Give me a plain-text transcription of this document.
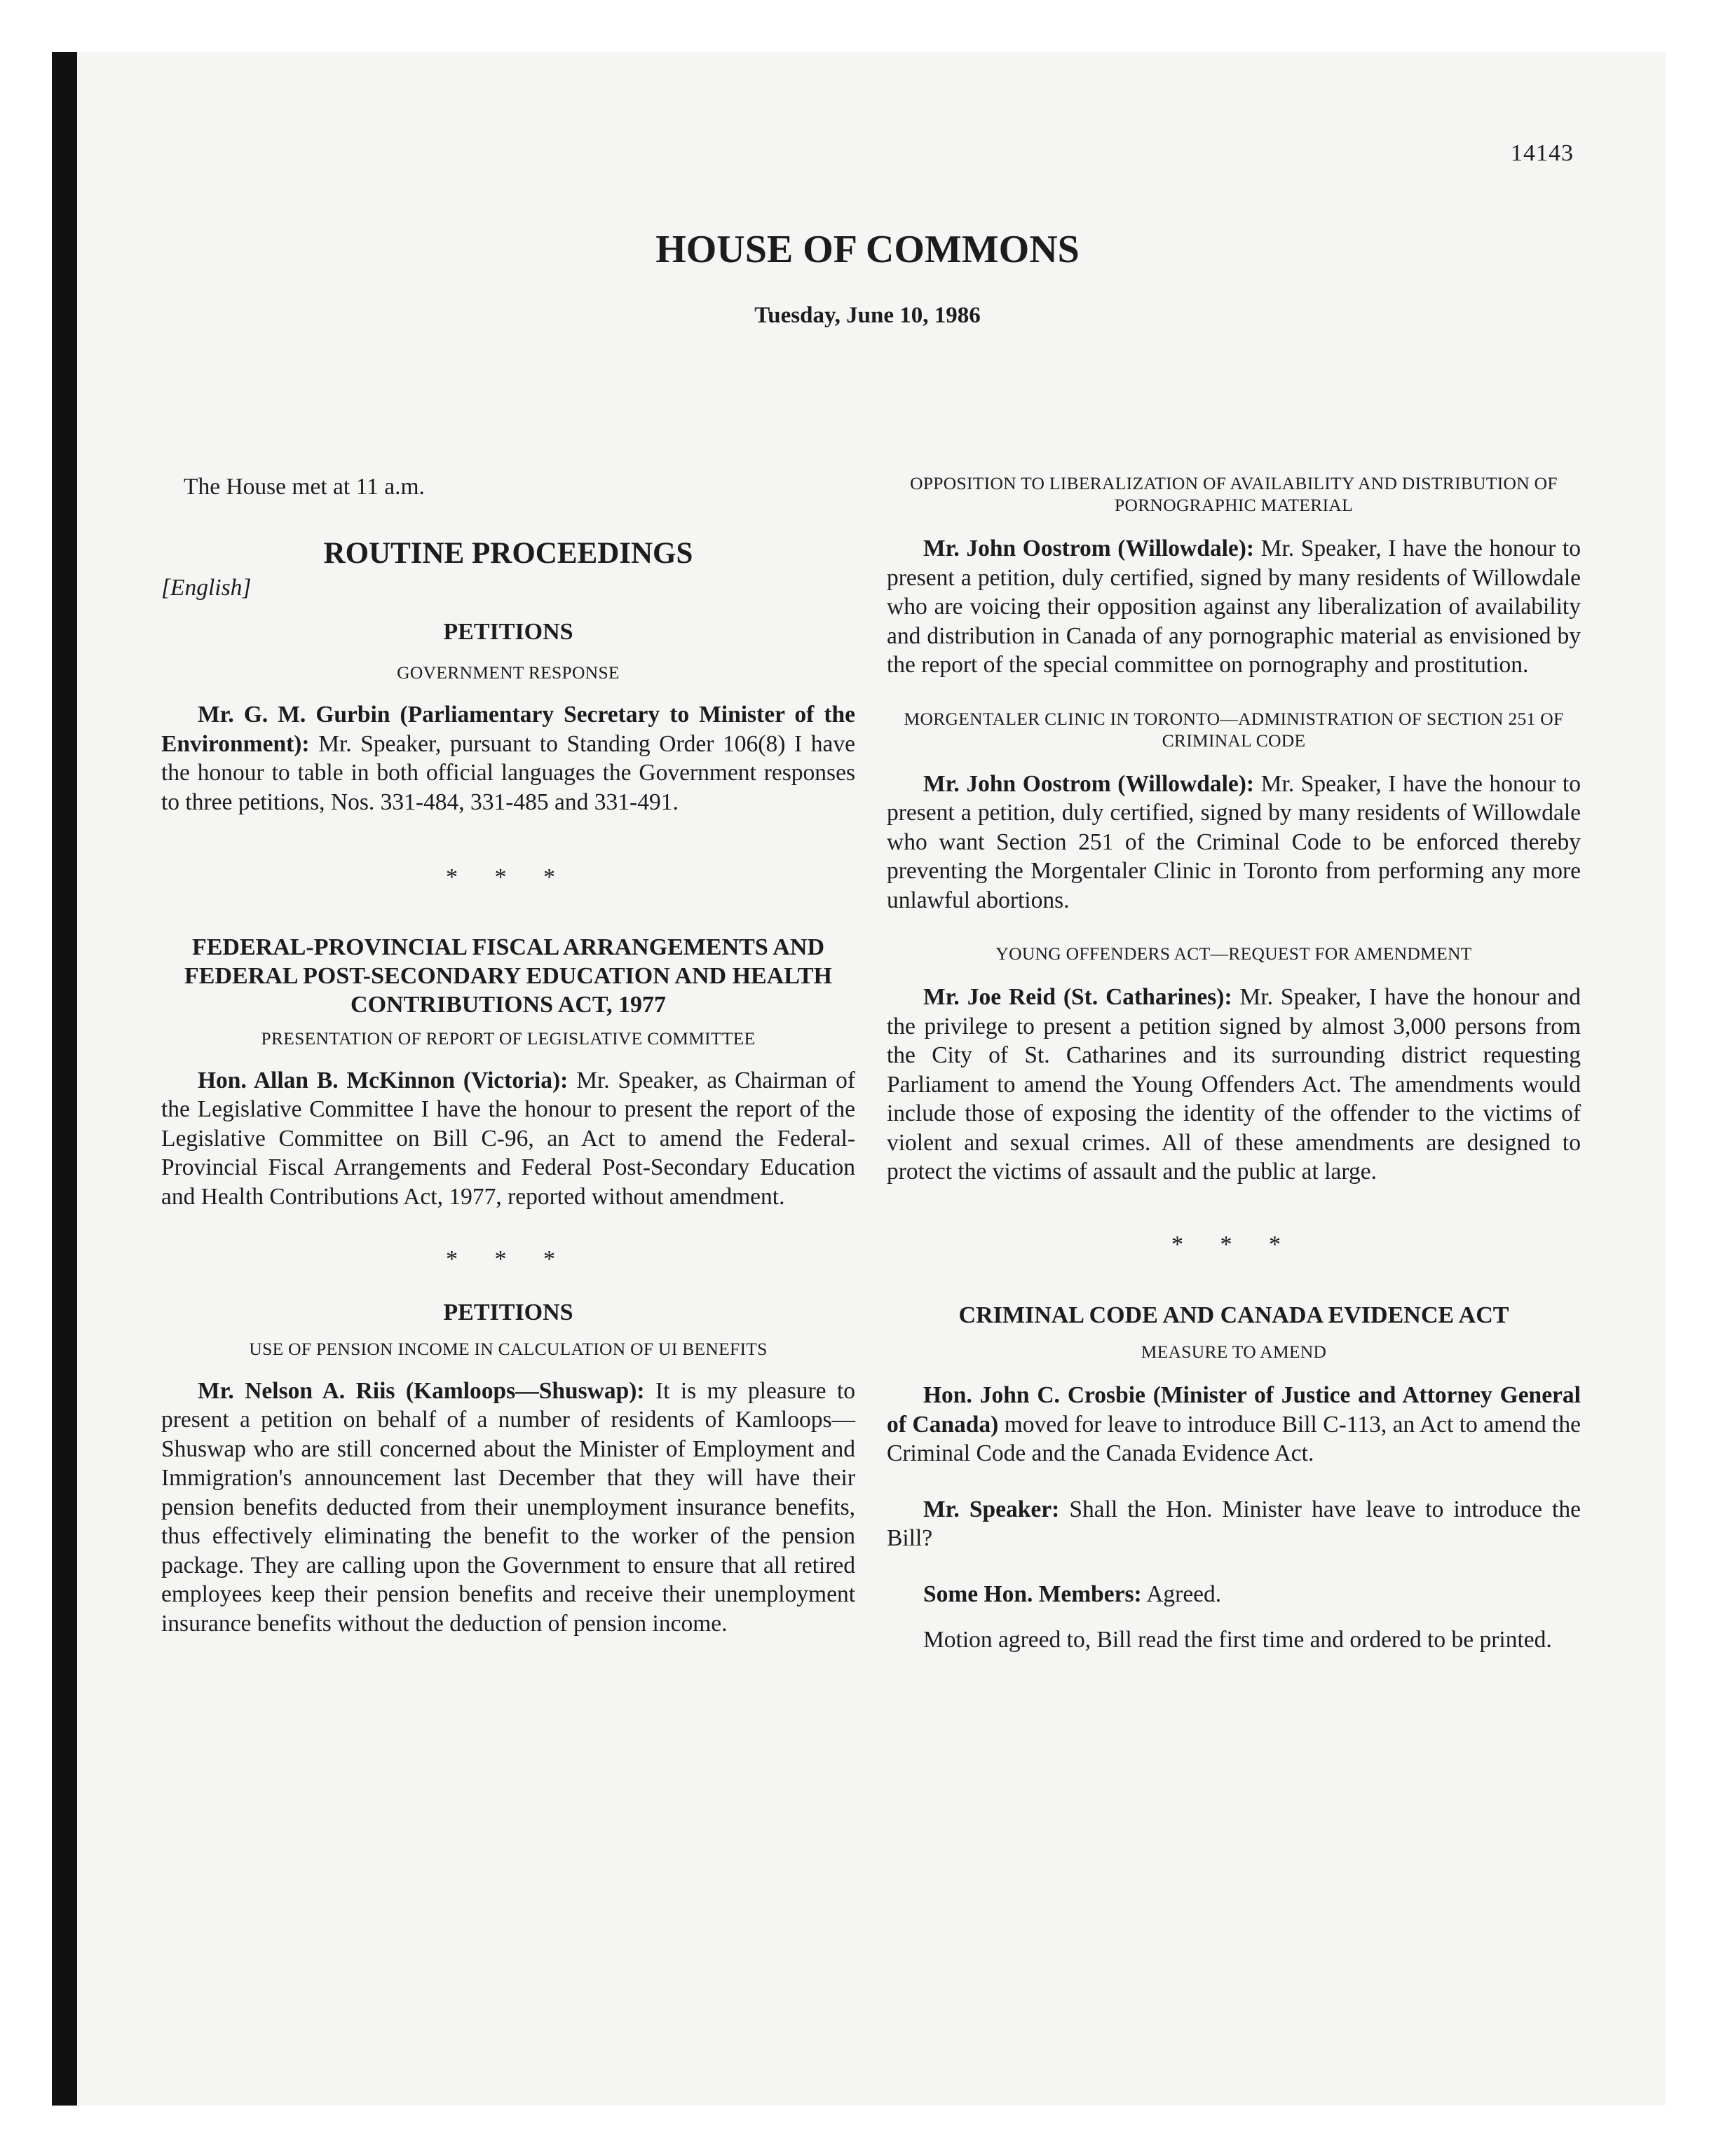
14143
HOUSE OF COMMONS
Tuesday, June 10, 1986

The House met at 11 a.m.

ROUTINE PROCEEDINGS

[English]

PETITIONS
GOVERNMENT RESPONSE

Mr. G. M. Gurbin (Parliamentary Secretary to Minister of the Environment): Mr. Speaker, pursuant to Standing Order 106(8) I have the honour to table in both official languages the Government responses to three petitions, Nos. 331-484, 331-485 and 331-491.

* * *
FEDERAL-PROVINCIAL FISCAL ARRANGEMENTS AND FEDERAL POST-SECONDARY EDUCATION AND HEALTH CONTRIBUTIONS ACT, 1977
PRESENTATION OF REPORT OF LEGISLATIVE COMMITTEE

Hon. Allan B. McKinnon (Victoria): Mr. Speaker, as Chairman of the Legislative Committee I have the honour to present the report of the Legislative Committee on Bill C-96, an Act to amend the Federal-Provincial Fiscal Arrangements and Federal Post-Secondary Education and Health Contributions Act, 1977, reported without amendment.

* * *
PETITIONS
USE OF PENSION INCOME IN CALCULATION OF UI BENEFITS

Mr. Nelson A. Riis (Kamloops—Shuswap): It is my pleasure to present a petition on behalf of a number of residents of Kamloops—Shuswap who are still concerned about the Minister of Employment and Immigration's announcement last December that they will have their pension benefits deducted from their unemployment insurance benefits, thus effectively eliminating the benefit to the worker of the pension package. They are calling upon the Government to ensure that all retired employees keep their pension benefits and receive their unemployment insurance benefits without the deduction of pension income.

OPPOSITION TO LIBERALIZATION OF AVAILABILITY AND DISTRIBUTION OF PORNOGRAPHIC MATERIAL

Mr. John Oostrom (Willowdale): Mr. Speaker, I have the honour to present a petition, duly certified, signed by many residents of Willowdale who are voicing their opposition against any liberalization of availability and distribution in Canada of any pornographic material as envisioned by the report of the special committee on pornography and prostitution.

MORGENTALER CLINIC IN TORONTO—ADMINISTRATION OF SECTION 251 OF CRIMINAL CODE

Mr. John Oostrom (Willowdale): Mr. Speaker, I have the honour to present a petition, duly certified, signed by many residents of Willowdale who want Section 251 of the Criminal Code to be enforced thereby preventing the Morgentaler Clinic in Toronto from performing any more unlawful abortions.

YOUNG OFFENDERS ACT—REQUEST FOR AMENDMENT

Mr. Joe Reid (St. Catharines): Mr. Speaker, I have the honour and the privilege to present a petition signed by almost 3,000 persons from the City of St. Catharines and its surrounding district requesting Parliament to amend the Young Offenders Act. The amendments would include those of exposing the identity of the offender to the victims of violent and sexual crimes. All of these amendments are designed to protect the victims of assault and the public at large.

* * *
CRIMINAL CODE AND CANADA EVIDENCE ACT
MEASURE TO AMEND

Hon. John C. Crosbie (Minister of Justice and Attorney General of Canada) moved for leave to introduce Bill C-113, an Act to amend the Criminal Code and the Canada Evidence Act.

Mr. Speaker: Shall the Hon. Minister have leave to introduce the Bill?

Some Hon. Members: Agreed.

Motion agreed to, Bill read the first time and ordered to be printed.
